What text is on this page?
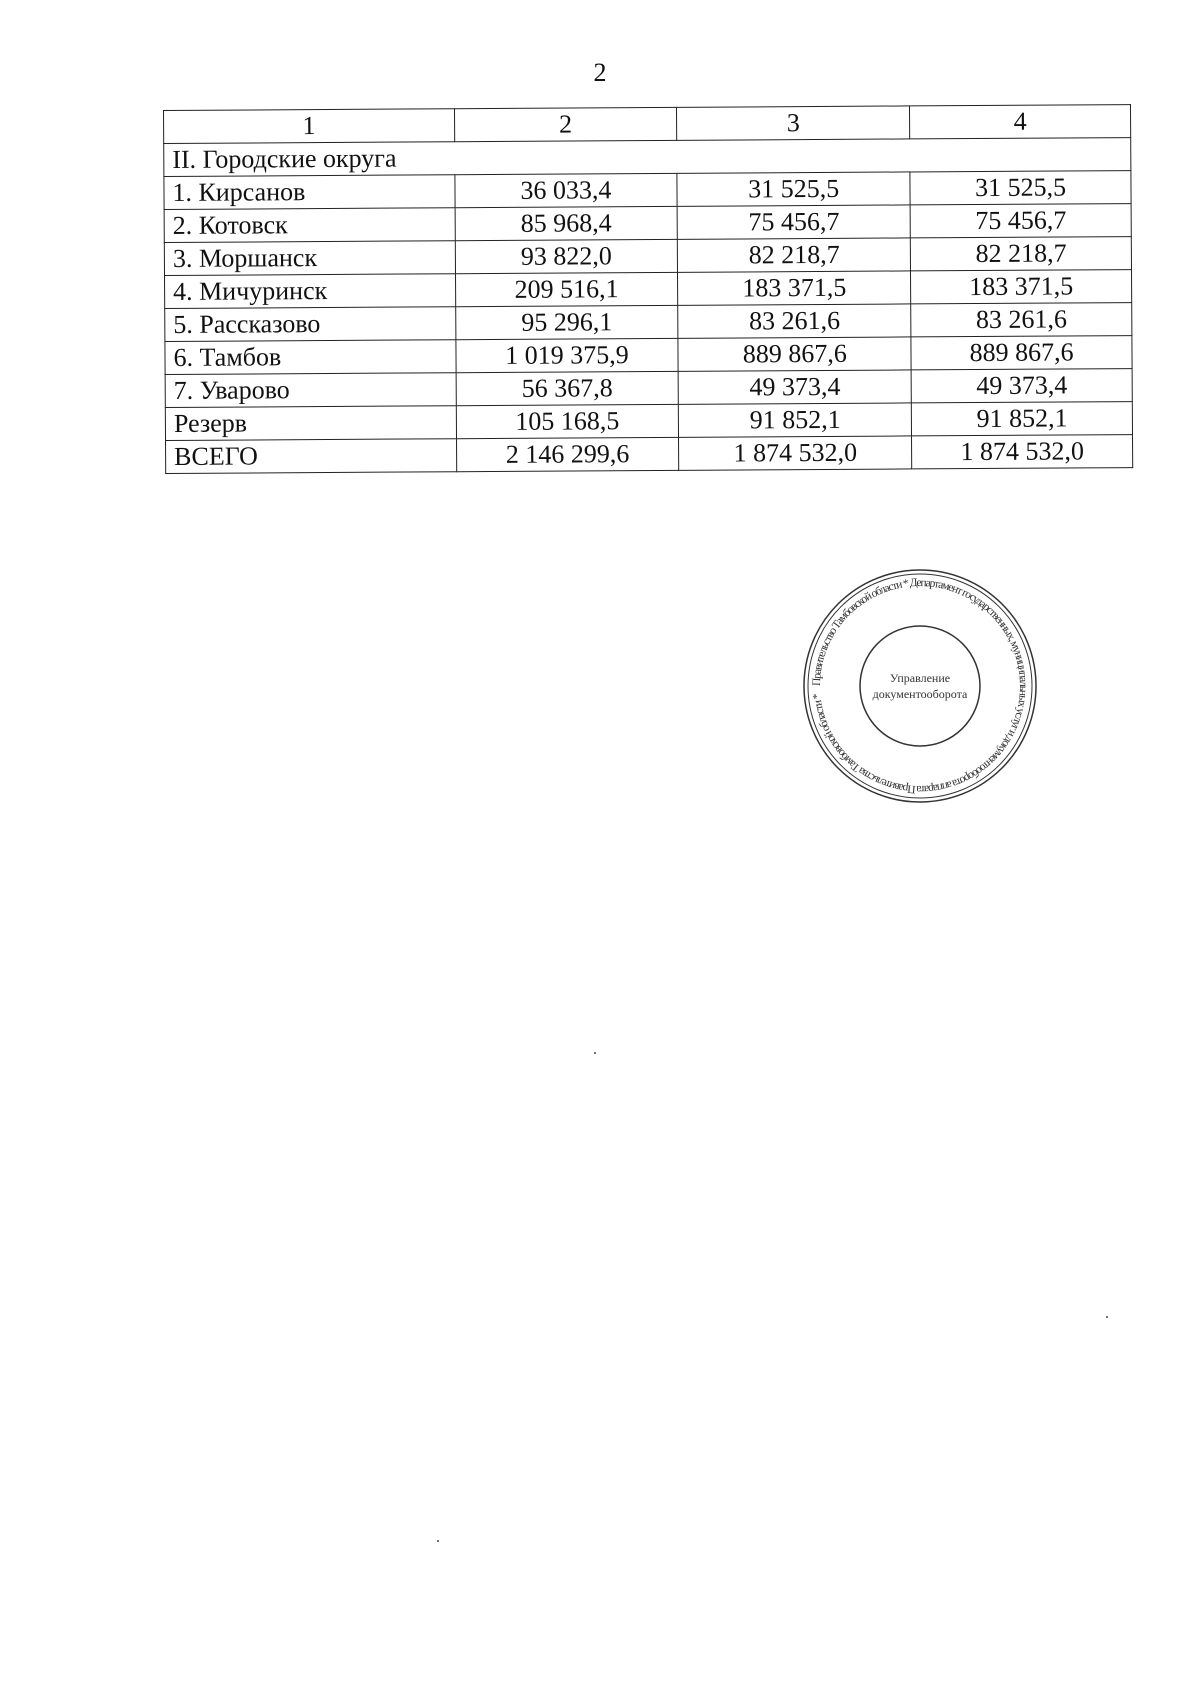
2
1	2	3	4
II. Городские округа			
1. Кирсанов	36 033,4	31 525,5	31 525,5
2. Котовск	85 968,4	75 456,7	75 456,7
3. Моршанск	93 822,0	82 218,7	82 218,7
4. Мичуринск	209 516,1	183 371,5	183 371,5
5. Рассказово	95 296,1	83 261,6	83 261,6
6. Тамбов	1 019 375,9	889 867,6	889 867,6
7. Уварово	56 367,8	49 373,4	49 373,4
Резерв	105 168,5	91 852,1	91 852,1
ВСЕГО	2 146 299,6	1 874 532,0	1 874 532,0
Правительство Тамбовской области * Департамент государственных, муниципальных услуг и документооборота аппарата Правительства Тамбовской области *
Управление
документооборота
